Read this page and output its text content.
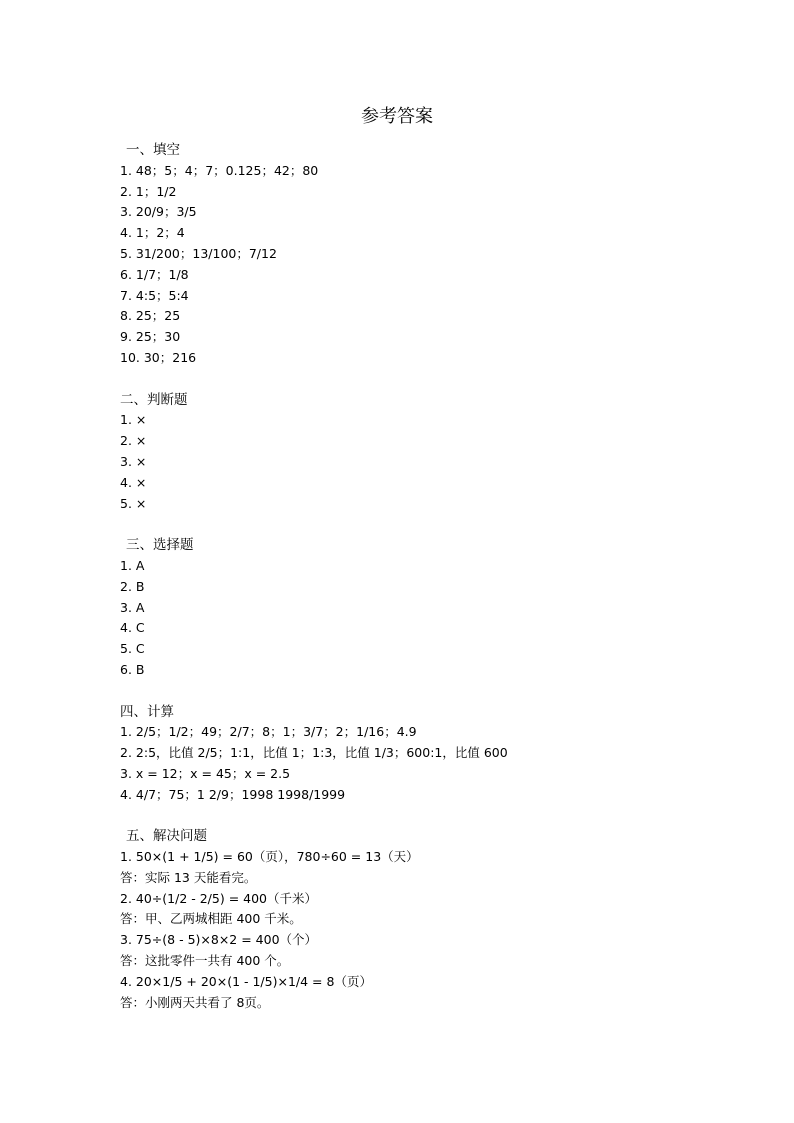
参考答案
一、填空
1. 48；5；4；7；0.125；42；80
2. 1；1/2
3. 20/9；3/5
4. 1；2；4
5. 31/200；13/100；7/12
6. 1/7；1/8
7. 4:5；5:4
8. 25；25
9. 25；30
10. 30；216
二、判断题
1. ×
2. ×
3. ×
4. ×
5. ×
三、选择题
1. A
2. B
3. A
4. C
5. C
6. B
四、计算
1. 2/5；1/2；49；2/7；8；1；3/7；2；1/16；4.9
2. 2:5，比值 2/5；1:1，比值 1；1:3，比值 1/3；600:1，比值 600
3. x = 12；x = 45；x = 2.5
4. 4/7；75；1 2/9；1998 1998/1999
五、解决问题
1. 50×(1 + 1/5) = 60（页），780÷60 = 13（天）
答：实际 13 天能看完。
2. 40÷(1/2 - 2/5) = 400（千米）
答：甲、乙两城相距 400 千米。
3. 75÷(8 - 5)×8×2 = 400（个）
答：这批零件一共有 400 个。
4. 20×1/5 + 20×(1 - 1/5)×1/4 = 8（页）
答：小刚两天共看了 8页。
